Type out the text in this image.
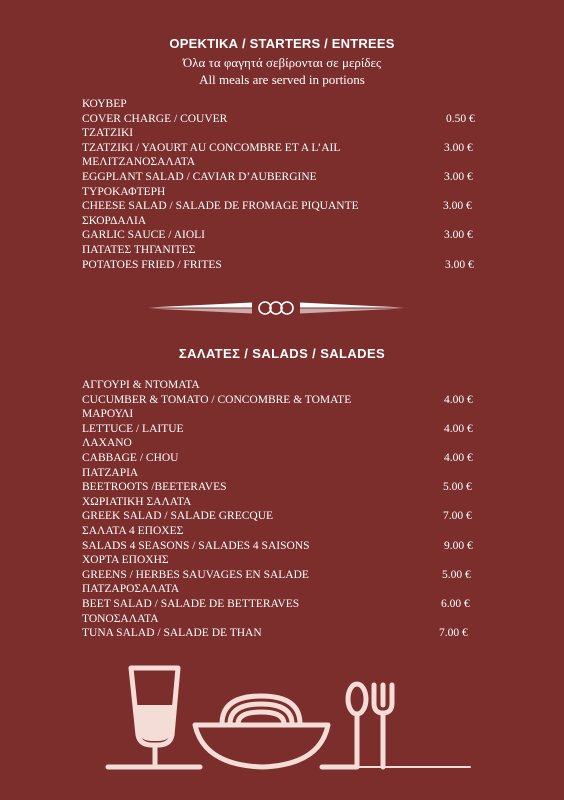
ΟΡΕΚΤΙΚΑ / STARTERS / ENTREES
Όλα τα φαγητά σεβίρονται σε μερίδες
All meals are served in portions
ΚΟΥΒΕΡ
COVER CHARGE / COUVER	0.50 €
ΤΖΑΤΖΙΚΙ
TZATZIKI / YAOURT AU CONCOMBRE ET A L’AIL	3.00 €
ΜΕΛΙΤΖΑΝΟΣΑΛΑΤΑ
EGGPLANT SALAD / CAVIAR D’AUBERGINE	3.00 €
ΤΥΡΟΚΑΦΤΕΡΗ
CHEESE SALAD / SALADE DE FROMAGE PIQUANTE	3.00 €
ΣΚΟΡΔΑΛΙΑ
GARLIC SAUCE / AIOLI	3.00 €
ΠΑΤΑΤΕΣ ΤΗΓΑΝΙΤΕΣ
POTATOES FRIED / FRITES	3.00 €
ΣΑΛΑΤΕΣ / SALADS / SALADES
ΑΓΓΟΥΡΙ & ΝΤΟΜΑΤΑ
CUCUMBER & TOMATO / CONCOMBRE & TOMATE	4.00 €
ΜΑΡΟΥΛΙ
LETTUCE / LAITUE	4.00 €
ΛΑΧΑΝΟ
CABBAGE / CHOU	4.00 €
ΠΑΤΖΑΡΙΑ
BEETROOTS /BEETERAVES	5.00 €
ΧΩΡΙΑΤΙΚΗ ΣΑΛΑΤΑ
GREEK SALAD / SALADE GRECQUE	7.00 €
ΣΑΛΑΤΑ 4 ΕΠΟΧΕΣ
SALADS 4 SEASONS / SALADES 4 SAISONS	9.00 €
ΧΟΡΤΑ ΕΠΟΧΗΣ
GREENS / HERBES SAUVAGES EN SALADE	5.00 €
ΠΑΤΖΑΡΟΣΑΛΑΤΑ
BEET SALAD / SALADE DE BETTERAVES	6.00 €
ΤΟΝΟΣΑΛΑΤΑ
TUNA SALAD / SALADE DE THAN	7.00 €
